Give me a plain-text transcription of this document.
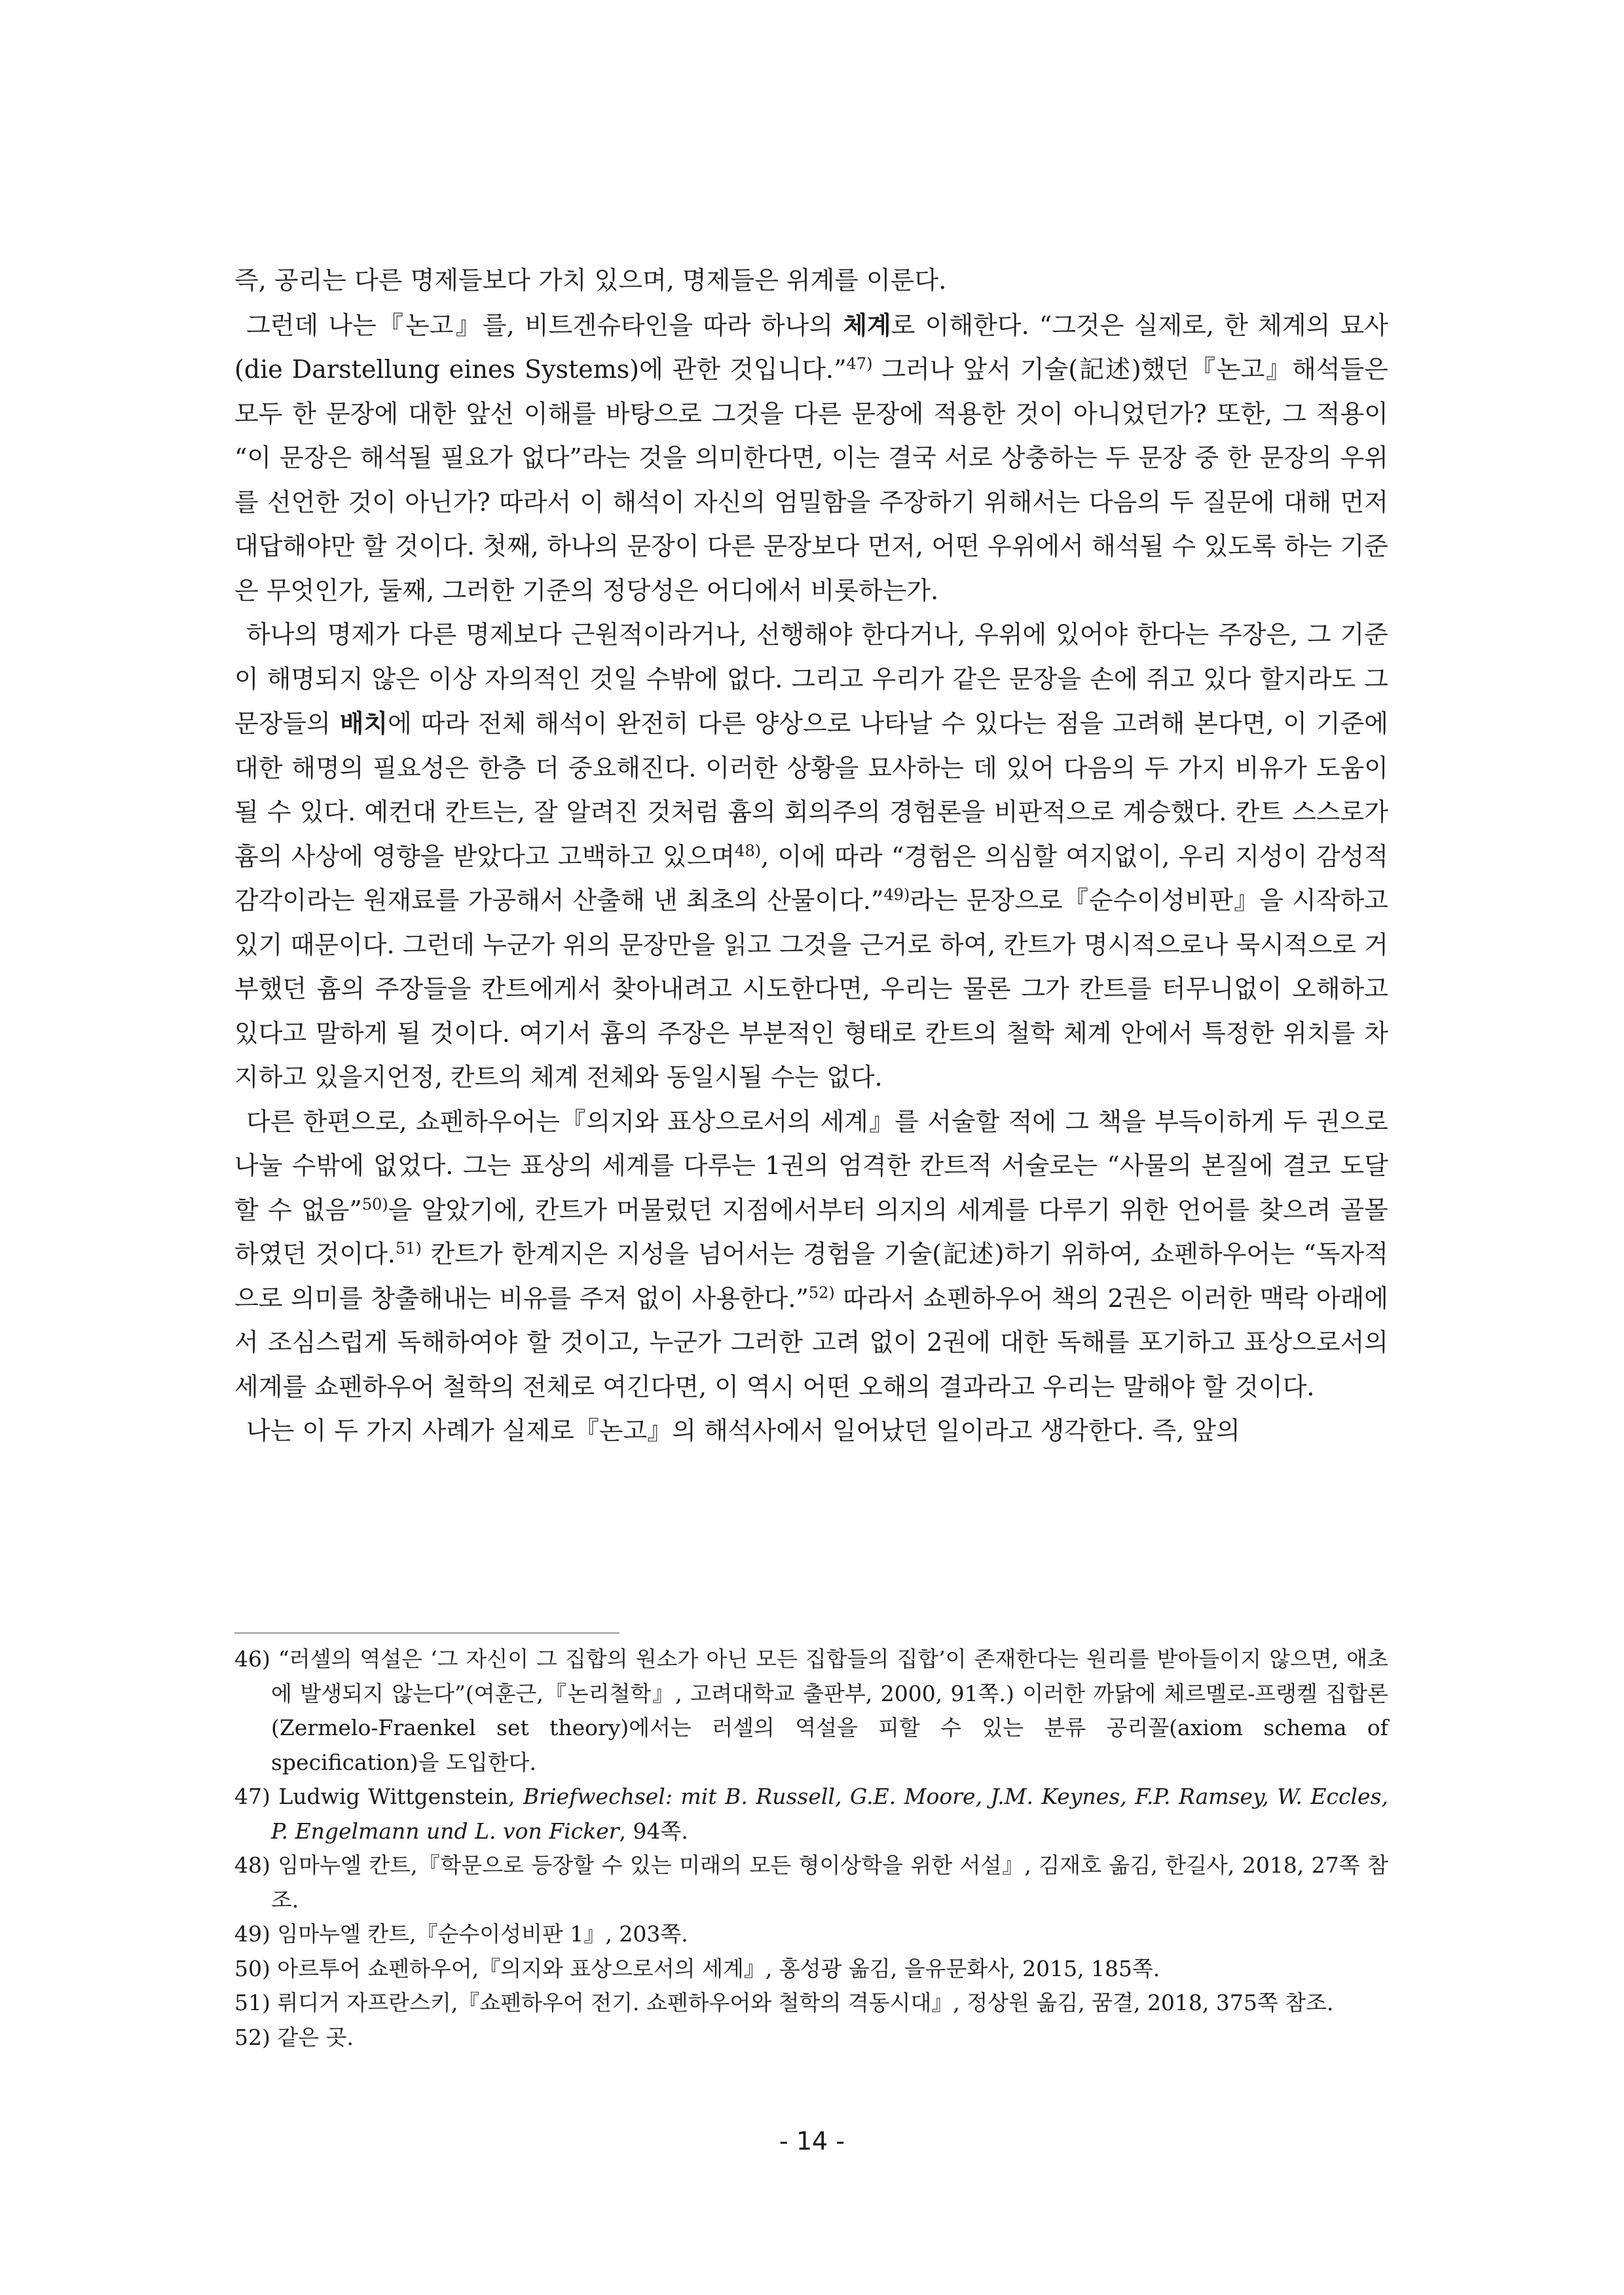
즉, 공리는 다른 명제들보다 가치 있으며, 명제들은 위계를 이룬다.

그런데 나는『논고』를, 비트겐슈타인을 따라 하나의 체계로 이해한다. “그것은 실제로, 한 체계의 묘사(die Darstellung eines Systems)에 관한 것입니다.”$^{47)}$ 그러나 앞서 기술(記述)했던『논고』해석들은 모두 한 문장에 대한 앞선 이해를 바탕으로 그것을 다른 문장에 적용한 것이 아니었던가? 또한, 그 적용이 “이 문장은 해석될 필요가 없다”라는 것을 의미한다면, 이는 결국 서로 상충하는 두 문장 중 한 문장의 우위를 선언한 것이 아닌가? 따라서 이 해석이 자신의 엄밀함을 주장하기 위해서는 다음의 두 질문에 대해 먼저 대답해야만 할 것이다. 첫째, 하나의 문장이 다른 문장보다 먼저, 어떤 우위에서 해석될 수 있도록 하는 기준은 무엇인가, 둘째, 그러한 기준의 정당성은 어디에서 비롯하는가.

하나의 명제가 다른 명제보다 근원적이라거나, 선행해야 한다거나, 우위에 있어야 한다는 주장은, 그 기준이 해명되지 않은 이상 자의적인 것일 수밖에 없다. 그리고 우리가 같은 문장을 손에 쥐고 있다 할지라도 그 문장들의 배치에 따라 전체 해석이 완전히 다른 양상으로 나타날 수 있다는 점을 고려해 본다면, 이 기준에 대한 해명의 필요성은 한층 더 중요해진다. 이러한 상황을 묘사하는 데 있어 다음의 두 가지 비유가 도움이 될 수 있다. 예컨대 칸트는, 잘 알려진 것처럼 흄의 회의주의 경험론을 비판적으로 계승했다. 칸트 스스로가 흄의 사상에 영향을 받았다고 고백하고 있으며$^{48)}$, 이에 따라 “경험은 의심할 여지없이, 우리 지성이 감성적 감각이라는 원재료를 가공해서 산출해 낸 최초의 산물이다.”$^{49)}$라는 문장으로『순수이성비판』을 시작하고 있기 때문이다. 그런데 누군가 위의 문장만을 읽고 그것을 근거로 하여, 칸트가 명시적으로나 묵시적으로 거부했던 흄의 주장들을 칸트에게서 찾아내려고 시도한다면, 우리는 물론 그가 칸트를 터무니없이 오해하고 있다고 말하게 될 것이다. 여기서 흄의 주장은 부분적인 형태로 칸트의 철학 체계 안에서 특정한 위치를 차지하고 있을지언정, 칸트의 체계 전체와 동일시될 수는 없다.

다른 한편으로, 쇼펜하우어는『의지와 표상으로서의 세계』를 서술할 적에 그 책을 부득이하게 두 권으로 나눌 수밖에 없었다. 그는 표상의 세계를 다루는 1권의 엄격한 칸트적 서술로는 “사물의 본질에 결코 도달할 수 없음”$^{50)}$을 알았기에, 칸트가 머물렀던 지점에서부터 의지의 세계를 다루기 위한 언어를 찾으려 골몰하였던 것이다.$^{51)}$ 칸트가 한계지은 지성을 넘어서는 경험을 기술(記述)하기 위하여, 쇼펜하우어는 “독자적으로 의미를 창출해내는 비유를 주저 없이 사용한다.”$^{52)}$ 따라서 쇼펜하우어 책의 2권은 이러한 맥락 아래에서 조심스럽게 독해하여야 할 것이고, 누군가 그러한 고려 없이 2권에 대한 독해를 포기하고 표상으로서의 세계를 쇼펜하우어 철학의 전체로 여긴다면, 이 역시 어떤 오해의 결과라고 우리는 말해야 할 것이다.

나는 이 두 가지 사례가 실제로『논고』의 해석사에서 일어났던 일이라고 생각한다. 즉, 앞의

46) “러셀의 역설은 ‘그 자신이 그 집합의 원소가 아닌 모든 집합들의 집합’이 존재한다는 원리를 받아들이지 않으면, 애초에 발생되지 않는다”(여훈근,『논리철학』, 고려대학교 출판부, 2000, 91쪽.) 이러한 까닭에 체르멜로-프랭켈 집합론(Zermelo-Fraenkel set theory)에서는 러셀의 역설을 피할 수 있는 분류 공리꼴(axiom schema of specification)을 도입한다.
47) Ludwig Wittgenstein, Briefwechsel: mit B. Russell, G.E. Moore, J.M. Keynes, F.P. Ramsey, W. Eccles, P. Engelmann und L. von Ficker, 94쪽.
48) 임마누엘 칸트,『학문으로 등장할 수 있는 미래의 모든 형이상학을 위한 서설』, 김재호 옮김, 한길사, 2018, 27쪽 참조.
49) 임마누엘 칸트,『순수이성비판 1』, 203쪽.
50) 아르투어 쇼펜하우어,『의지와 표상으로서의 세계』, 홍성광 옮김, 을유문화사, 2015, 185쪽.
51) 뤼디거 자프란스키,『쇼펜하우어 전기. 쇼펜하우어와 철학의 격동시대』, 정상원 옮김, 꿈결, 2018, 375쪽 참조.
52) 같은 곳.
- 14 -
